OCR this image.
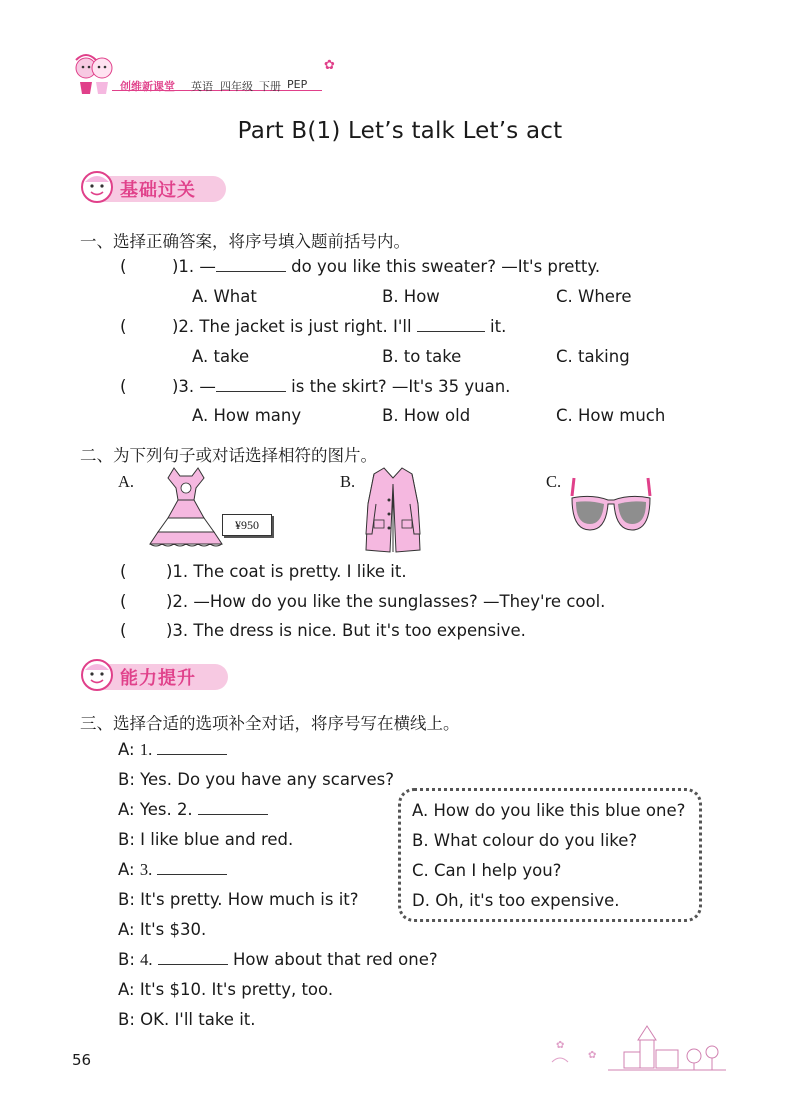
创维新课堂 英语 四年级 下册 PEP
✿
Part B(1) Let’s talk Let’s act
基础过关
一、选择正确答案，将序号填入题前括号内。
(	)1. —	do you like this sweater? —It's pretty.
A. What	B. How	C. Where
(	)2. The jacket is just right. I'll	it.
A. take	B. to take	C. taking
(	)3. —	is the skirt? —It's 35 yuan.
A. How many	B. How old	C. How much
二、为下列句子或对话选择相符的图片。
A.
¥950
B.	C.
( )1. The coat is pretty. I like it.
( )2. —How do you like the sunglasses? —They're cool.
( )3. The dress is nice. But it's too expensive.
能力提升
三、选择合适的选项补全对话，将序号写在横线上。
A: 1.
B: Yes. Do you have any scarves?
A: Yes. 2.
B: I like blue and red.
A: 3.
B: It's pretty. How much is it?
A: It's $30.
B: 4.	How about that red one?
A: It's $10. It's pretty, too.
B: OK. I'll take it.
A. How do you like this blue one?
B. What colour do you like?
C. Can I help you?
D. Oh, it's too expensive.
56
✿
✿
